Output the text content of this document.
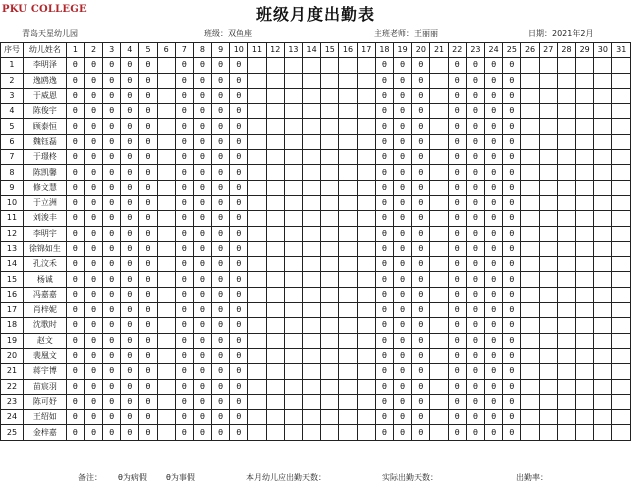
PKU COLLEGE	班级月度出勤表
青岛天星幼儿园	班级：双鱼座	主班老师：王丽丽	日期：2021年2月
序号	幼儿姓名	1	2	3	4	5	6	7	8	9	10	11	12	13	14	15	16	17	18	19	20	21	22	23	24	25	26	27	28	29	30	31
1	李明泽	θ	θ	θ	θ	θ		θ	θ	θ	θ								θ	θ	θ		θ	θ	θ	θ						
2	逸鸥逸	θ	θ	θ	θ	θ		θ	θ	θ	θ								θ	θ	θ		θ	θ	θ	θ						
3	于威恩	θ	θ	θ	θ	θ		θ	θ	θ	θ								θ	θ	θ		θ	θ	θ	θ						
4	陈俊宇	θ	θ	θ	θ	θ		θ	θ	θ	θ								θ	θ	θ		θ	θ	θ	θ						
5	顾泰恒	θ	θ	θ	θ	θ		θ	θ	θ	θ								θ	θ	θ		θ	θ	θ	θ						
6	魏钰磊	θ	θ	θ	θ	θ		θ	θ	θ	θ								θ	θ	θ		θ	θ	θ	θ						
7	于璟柊	θ	θ	θ	θ	θ		θ	θ	θ	θ								θ	θ	θ		θ	θ	θ	θ						
8	陈凯馨	θ	θ	θ	θ	θ		θ	θ	θ	θ								θ	θ	θ		θ	θ	θ	θ						
9	修文慧	θ	θ	θ	θ	θ		θ	θ	θ	θ								θ	θ	θ		θ	θ	θ	θ						
10	于立洲	θ	θ	θ	θ	θ		θ	θ	θ	θ								θ	θ	θ		θ	θ	θ	θ						
11	刘浚丰	θ	θ	θ	θ	θ		θ	θ	θ	θ								θ	θ	θ		θ	θ	θ	θ						
12	李明宇	θ	θ	θ	θ	θ		θ	θ	θ	θ								θ	θ	θ		θ	θ	θ	θ						
13	徐锦如生	θ	θ	θ	θ	θ		θ	θ	θ	θ								θ	θ	θ		θ	θ	θ	θ						
14	孔汶禾	θ	θ	θ	θ	θ		θ	θ	θ	θ								θ	θ	θ		θ	θ	θ	θ						
15	杨诚	θ	θ	θ	θ	θ		θ	θ	θ	θ								θ	θ	θ		θ	θ	θ	θ						
16	冯嘉嘉	θ	θ	θ	θ	θ		θ	θ	θ	θ								θ	θ	θ		θ	θ	θ	θ						
17	肖梓妮	θ	θ	θ	θ	θ		θ	θ	θ	θ								θ	θ	θ		θ	θ	θ	θ						
18	沈歌时	θ	θ	θ	θ	θ		θ	θ	θ	θ								θ	θ	θ		θ	θ	θ	θ						
19	赵文	θ	θ	θ	θ	θ		θ	θ	θ	θ								θ	θ	θ		θ	θ	θ	θ						
20	裴凰文	θ	θ	θ	θ	θ		θ	θ	θ	θ								θ	θ	θ		θ	θ	θ	θ						
21	蒋宇博	θ	θ	θ	θ	θ		θ	θ	θ	θ								θ	θ	θ		θ	θ	θ	θ						
22	苗宸羽	θ	θ	θ	θ	θ		θ	θ	θ	θ								θ	θ	θ		θ	θ	θ	θ						
23	陈可妤	θ	θ	θ	θ	θ		θ	θ	θ	θ								θ	θ	θ		θ	θ	θ	θ						
24	王绍如	θ	θ	θ	θ	θ		θ	θ	θ	θ								θ	θ	θ		θ	θ	θ	θ						
25	金梓嘉	θ	θ	θ	θ	θ		θ	θ	θ	θ								θ	θ	θ		θ	θ	θ	θ						
备注： θ为病假 θ为事假	本月幼儿应出勤天数：	实际出勤天数：	出勤率：
